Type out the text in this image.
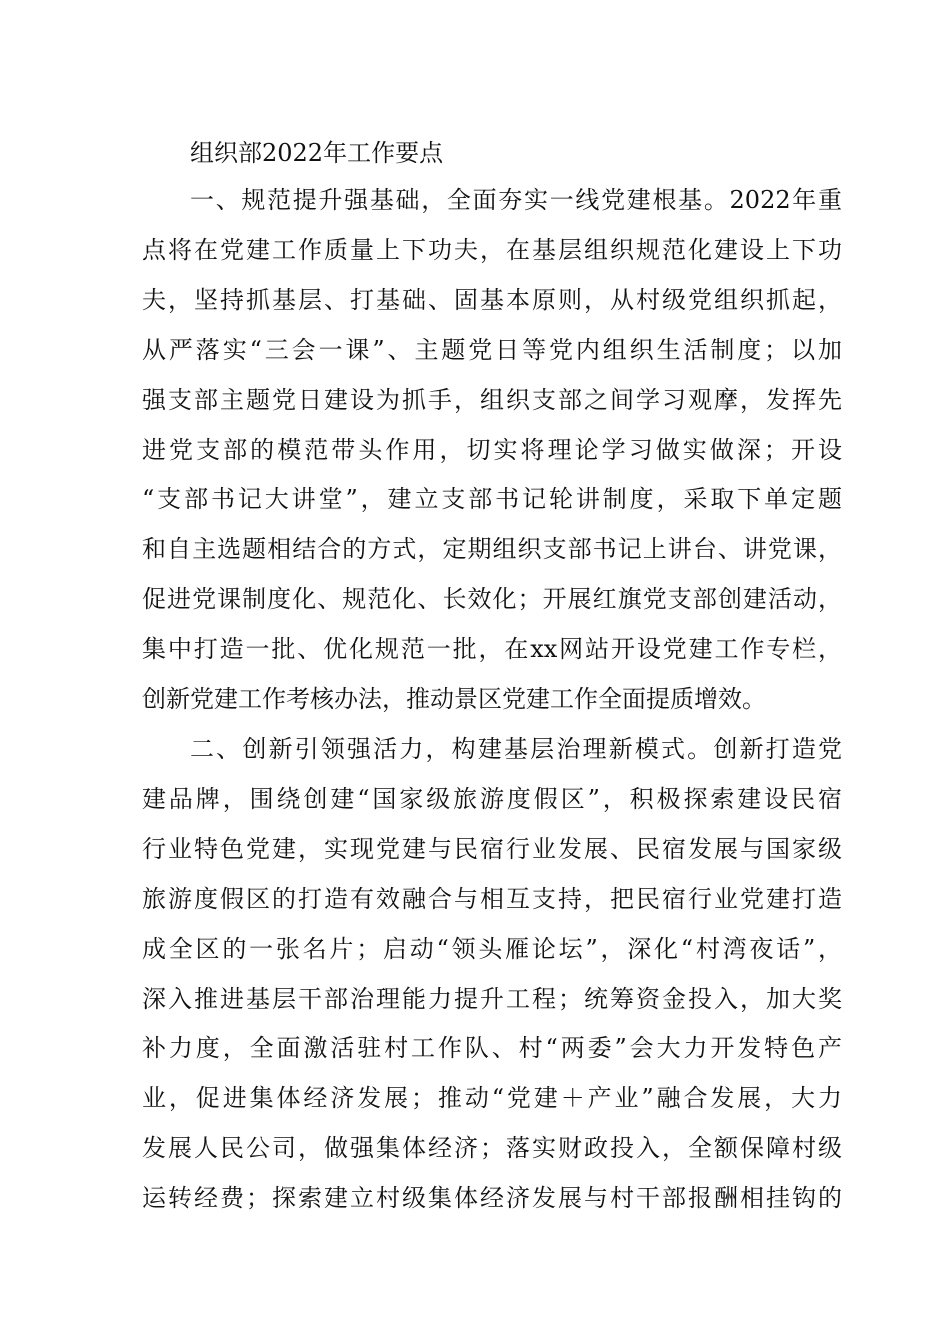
组织部2022年工作要点
一、规范提升强基础，全面夯实一线党建根基。2022年重
点将在党建工作质量上下功夫，在基层组织规范化建设上下功
夫，坚持抓基层、打基础、固基本原则，从村级党组织抓起，
从严落实“三会一课”、主题党日等党内组织生活制度；以加
强支部主题党日建设为抓手，组织支部之间学习观摩，发挥先
进党支部的模范带头作用，切实将理论学习做实做深；开设
“支部书记大讲堂”，建立支部书记轮讲制度，采取下单定题
和自主选题相结合的方式，定期组织支部书记上讲台、讲党课，
促进党课制度化、规范化、长效化；开展红旗党支部创建活动，
集中打造一批、优化规范一批，在xx网站开设党建工作专栏，
创新党建工作考核办法，推动景区党建工作全面提质增效。
二、创新引领强活力，构建基层治理新模式。创新打造党
建品牌，围绕创建“国家级旅游度假区”，积极探索建设民宿
行业特色党建，实现党建与民宿行业发展、民宿发展与国家级
旅游度假区的打造有效融合与相互支持，把民宿行业党建打造
成全区的一张名片；启动“领头雁论坛”，深化“村湾夜话”，
深入推进基层干部治理能力提升工程；统筹资金投入，加大奖
补力度，全面激活驻村工作队、村“两委”会大力开发特色产
业，促进集体经济发展；推动“党建＋产业”融合发展，大力
发展人民公司，做强集体经济；落实财政投入，全额保障村级
运转经费；探索建立村级集体经济发展与村干部报酬相挂钩的
